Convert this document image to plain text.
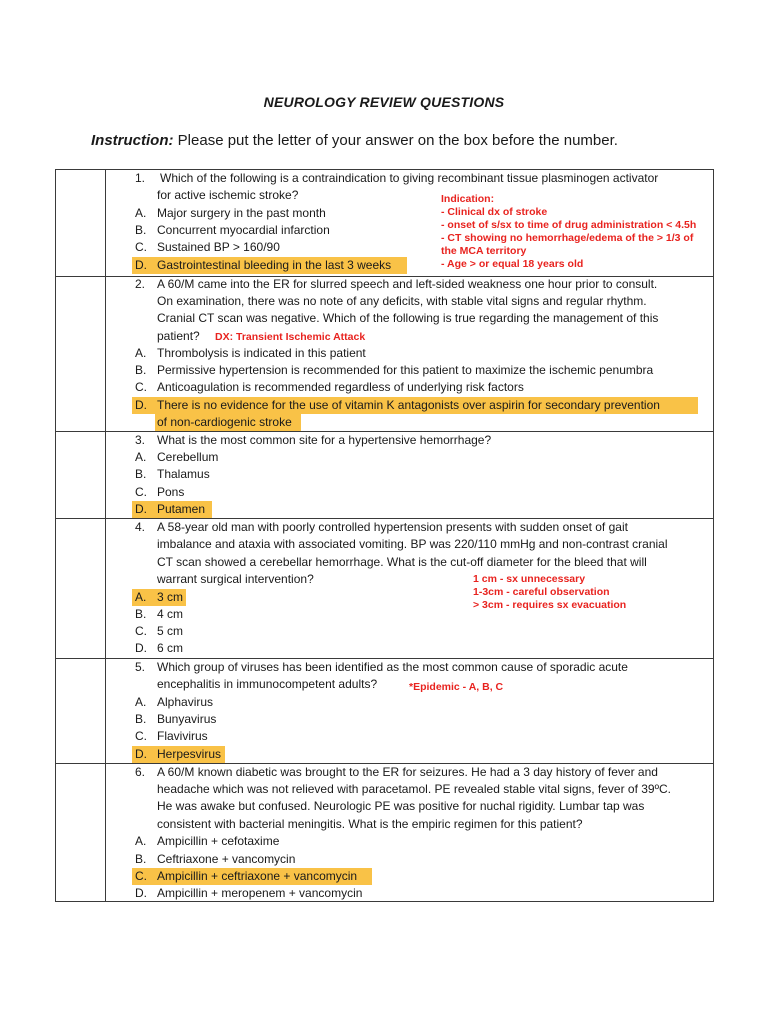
NEUROLOGY REVIEW QUESTIONS
Instruction: Please put the letter of your answer on the box before the number.
1.	Which of the following is a contraindication to giving recombinant tissue plasminogen activator
for active ischemic stroke?
A. Major surgery in the past month
B. Concurrent myocardial infarction
C. Sustained BP > 160/90
D. Gastrointestinal bleeding in the last 3 weeks
Indication:
- Clinical dx of stroke
- onset of s/sx to time of drug administration < 4.5h
- CT showing no hemorrhage/edema of the > 1/3 of
the MCA territory
- Age > or equal 18 years old
2. A 60/M came into the ER for slurred speech and left-sided weakness one hour prior to consult.
On examination, there was no note of any deficits, with stable vital signs and regular rhythm.
Cranial CT scan was negative. Which of the following is true regarding the management of this
patient? DX: Transient Ischemic Attack
A. Thrombolysis is indicated in this patient
B. Permissive hypertension is recommended for this patient to maximize the ischemic penumbra
C. Anticoagulation is recommended regardless of underlying risk factors
D. There is no evidence for the use of vitamin K antagonists over aspirin for secondary prevention
of non-cardiogenic stroke
3. What is the most common site for a hypertensive hemorrhage?
A. Cerebellum
B. Thalamus
C. Pons
D. Putamen
4. A 58-year old man with poorly controlled hypertension presents with sudden onset of gait
imbalance and ataxia with associated vomiting. BP was 220/110 mmHg and non-contrast cranial
CT scan showed a cerebellar hemorrhage. What is the cut-off diameter for the bleed that will
warrant surgical intervention?
A. 3 cm
B. 4 cm
C. 5 cm
D. 6 cm
1 cm - sx unnecessary
1-3cm - careful observation
> 3cm - requires sx evacuation
5. Which group of viruses has been identified as the most common cause of sporadic acute
encephalitis in immunocompetent adults?	*Epidemic - A, B, C
A. Alphavirus
B. Bunyavirus
C. Flavivirus
D. Herpesvirus
6. A 60/M known diabetic was brought to the ER for seizures. He had a 3 day history of fever and
headache which was not relieved with paracetamol. PE revealed stable vital signs, fever of 39ºC.
He was awake but confused. Neurologic PE was positive for nuchal rigidity. Lumbar tap was
consistent with bacterial meningitis. What is the empiric regimen for this patient?
A. Ampicillin + cefotaxime
B. Ceftriaxone + vancomycin
C. Ampicillin + ceftriaxone + vancomycin
D. Ampicillin + meropenem + vancomycin
